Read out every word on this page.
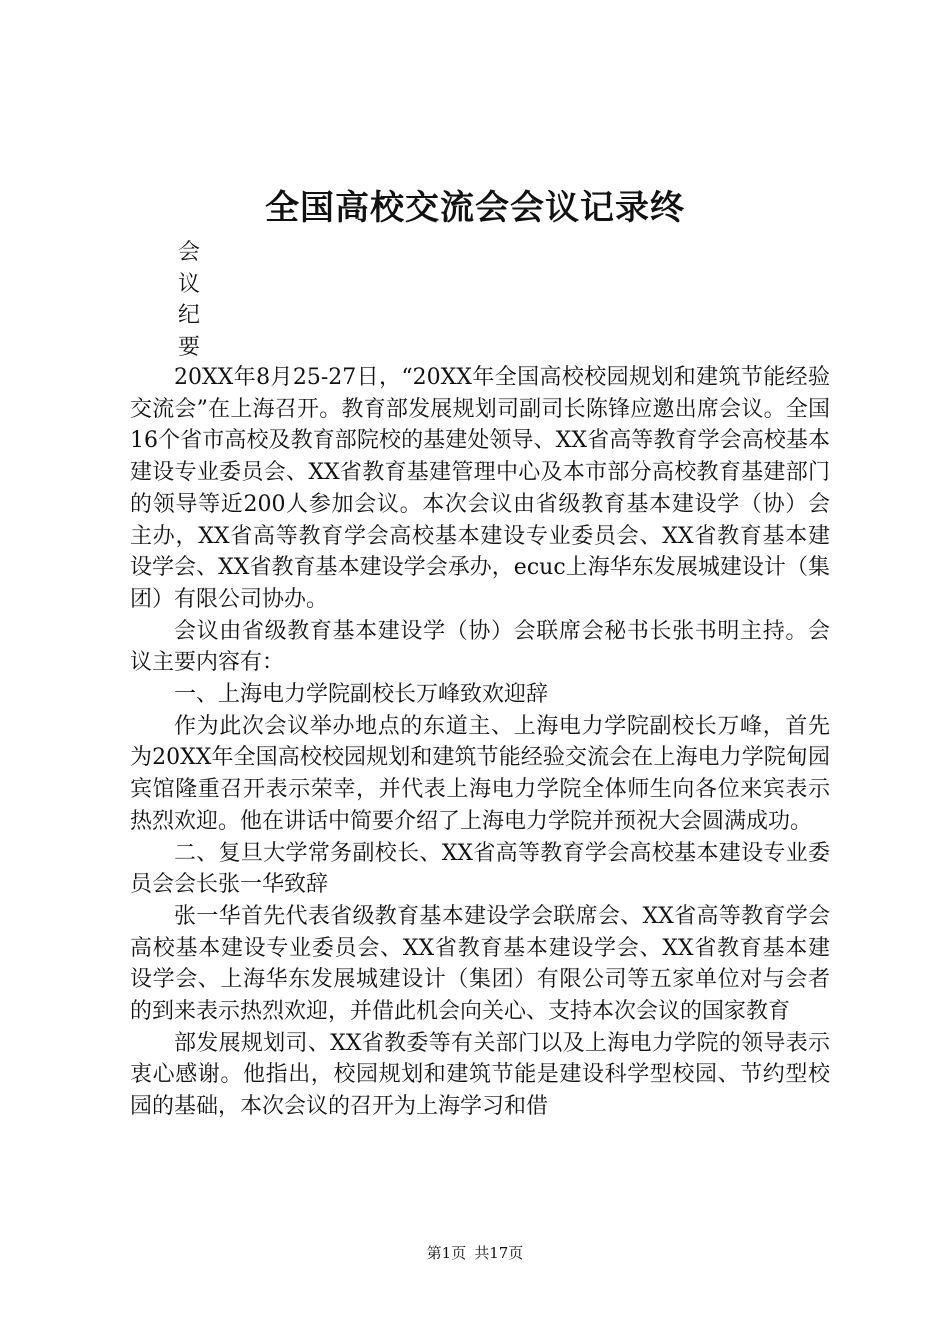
全国高校交流会会议记录终
会
议
纪
要

20XX年8月25-27日，“20XX年全国高校校园规划和建筑节能经验交流会”在上海召开。教育部发展规划司副司长陈锋应邀出席会议。全国16个省市高校及教育部院校的基建处领导、XX省高等教育学会高校基本建设专业委员会、XX省教育基建管理中心及本市部分高校教育基建部门的领导等近200人参加会议。本次会议由省级教育基本建设学（协）会主办，XX省高等教育学会高校基本建设专业委员会、XX省教育基本建设学会、XX省教育基本建设学会承办，ecuc上海华东发展城建设计（集团）有限公司协办。

会议由省级教育基本建设学（协）会联席会秘书长张书明主持。会议主要内容有：

一、上海电力学院副校长万峰致欢迎辞

作为此次会议举办地点的东道主、上海电力学院副校长万峰，首先为20XX年全国高校校园规划和建筑节能经验交流会在上海电力学院甸园宾馆隆重召开表示荣幸，并代表上海电力学院全体师生向各位来宾表示热烈欢迎。他在讲话中简要介绍了上海电力学院并预祝大会圆满成功。

二、复旦大学常务副校长、XX省高等教育学会高校基本建设专业委员会会长张一华致辞

张一华首先代表省级教育基本建设学会联席会、XX省高等教育学会高校基本建设专业委员会、XX省教育基本建设学会、XX省教育基本建设学会、上海华东发展城建设计（集团）有限公司等五家单位对与会者的到来表示热烈欢迎，并借此机会向关心、支持本次会议的国家教育

部发展规划司、XX省教委等有关部门以及上海电力学院的领导表示衷心感谢。他指出，校园规划和建筑节能是建设科学型校园、节约型校园的基础，本次会议的召开为上海学习和借

第1页 共17页
